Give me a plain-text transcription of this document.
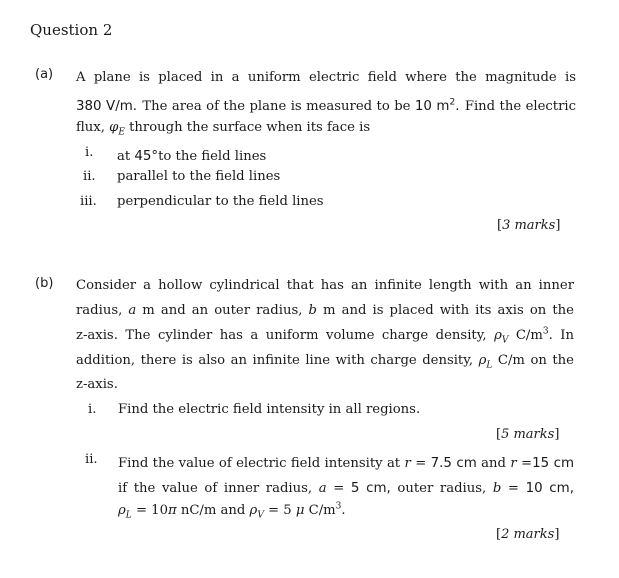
Question 2
(a) A plane is placed in a uniform electric field where the magnitude is
380 V/m. The area of the plane is measured to be 10 $m^2$. Find the electric
flux, $\varphi_E$ through the surface when its face is
i. at 45°to the field lines
ii. parallel to the field lines
iii. perpendicular to the field lines
[3 marks]
(b) Consider a hollow cylindrical that has an infinite length with an inner
radius, a m and an outer radius, b m and is placed with its axis on the
z-axis. The cylinder has a uniform volume charge density, $\rho_V$ $C/m^3$. In
addition, there is also an infinite line with charge density, $\rho_L$ C/m on the
z-axis.
i. Find the electric field intensity in all regions.
[5 marks]
ii. Find the value of electric field intensity at r = 7.5 cm and r =15 cm
if the value of inner radius, a = 5 cm, outer radius, b = 10 cm,
$\rho_L = 10\pi$ nC/m and $\rho_V = 5$ μ $C/m^3$.
[2 marks]
